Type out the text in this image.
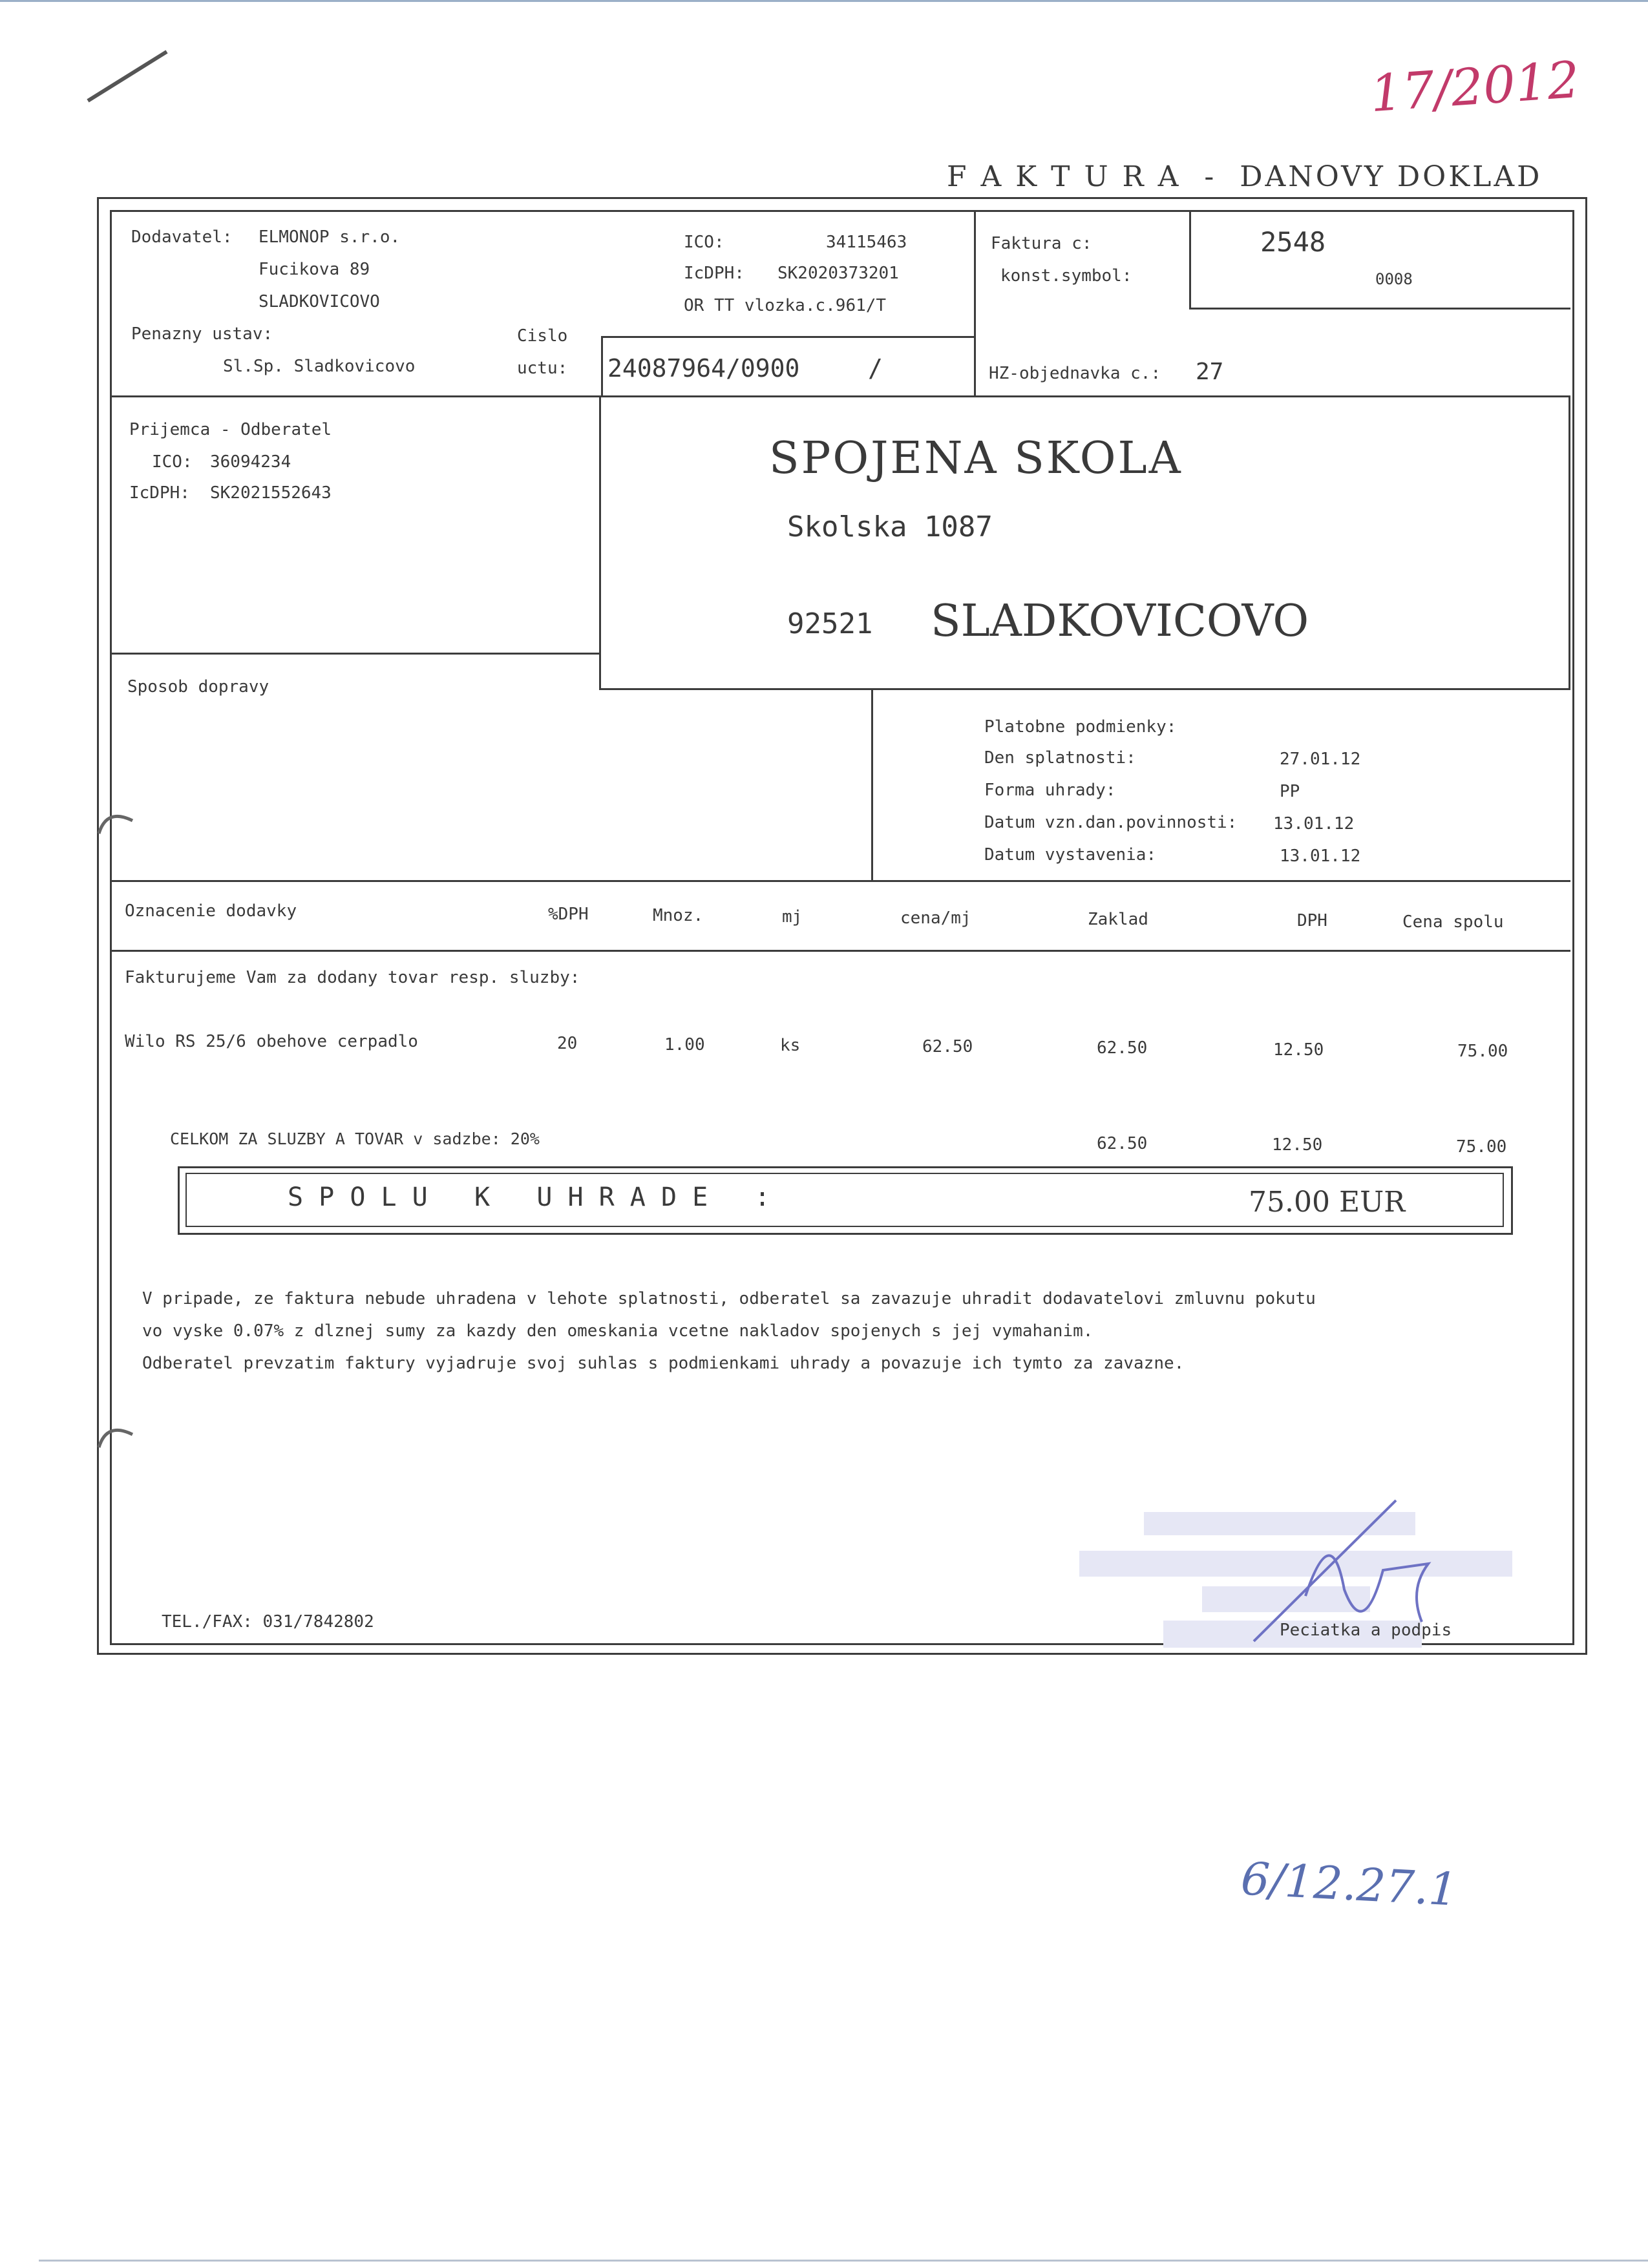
17/2012
F A K T U R A  -  DANOVY DOKLAD
Dodavatel: ELMONOP s.r.o.
Fucikova 89
SLADKOVICOVO
Penazny ustav:
Sl.Sp. Sladkovicovo
ICO:	34115463
IcDPH: SK2020373201
OR TT vlozka.c.961/T
Cislo
uctu: 24087964/0900	/
Faktura c:	2548
konst.symbol:	0008
HZ-objednavka c.: 27
Prijemca - Odberatel
ICO: 36094234
IcDPH: SK2021552643
SPOJENA SKOLA
Skolska 1087
92521 SLADKOVICOVO
Sposob dopravy
Platobne podmienky:
Den splatnosti:	27.01.12
Forma uhrady:	PP
Datum vzn.dan.povinnosti: 13.01.12
Datum vystavenia:	13.01.12
Oznacenie dodavky	%DPH	Mnoz.	mj	cena/mj	Zaklad	DPH	Cena spolu
Fakturujeme Vam za dodany tovar resp. sluzby:
Wilo RS 25/6 obehove cerpadlo	20	1.00	ks	62.50	62.50	12.50	75.00
CELKOM ZA SLUZBY A TOVAR v sadzbe: 20%	62.50	12.50	75.00
S P O L U   K   U H R A D E   :	75.00 EUR
V pripade, ze faktura nebude uhradena v lehote splatnosti, odberatel sa zavazuje uhradit dodavatelovi zmluvnu pokutu
vo vyske 0.07% z dlznej sumy za kazdy den omeskania vcetne nakladov spojenych s jej vymahanim.
Odberatel prevzatim faktury vyjadruje svoj suhlas s podmienkami uhrady a povazuje ich tymto za zavazne.
TEL./FAX: 031/7842802	Peciatka a podpis
6/12.27.1
